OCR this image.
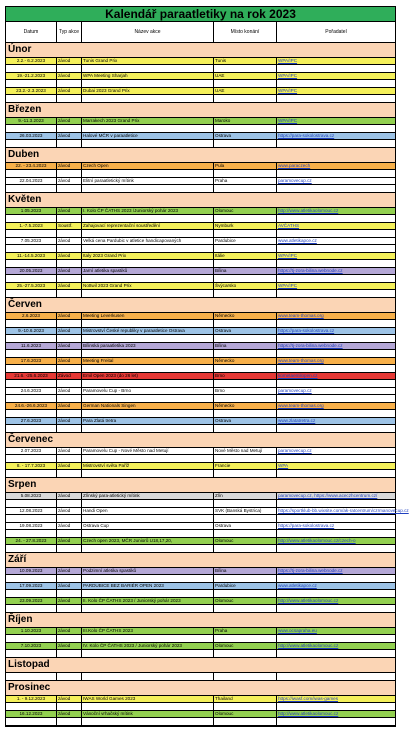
Kalendář paraatletiky na rok 2023
Datum	Typ akce	Název akce	Místo konání	Pořadatel
Únor
2.2.- 6.2.2023	závod	Tunis Grand Prix	Tunis	WPA/IPC
19.-21.2.2023	závod	WPA Meeting Sharjah	UAE	WPA/IPC
23.2.-2.3.2023	závod	Dubai 2023 Grand Prix	UAE	WPA/IPC
Březen
9.-11.3.2023	závod	Marrakech 2023 Grand Prix	Maroko	WPA/IPC
26.03.2023	závod	Halové MČR v paraatletice	Ostrava	https://para-sokolostrava.cz
Duben
22. - 23.4.2023	závod	Czech Open	Pula	www.paraczech
22.04.2023	závod	Elitní paraatletický mítink	Praha	paramovecup.cz
Květen
1.05.2023	závod	I. Kolo ČP ČATHS 2023 /Juniorský pohár 2023	Olomouc	http://www.atletikaolomouc.cz
1.-7.5.2023	Soustř.	Zahajovací reprezentační soustředění	Nymburk	AVČATHS
7.05.2023	závod	Velká cena Pardubic v atletice handicapovaných	Pardubice	www.atletikapce.cz
11.-14.5.2023	závod	Italy 2023 Grand Prix	Itálie	WPA/IPC
20.05.2023	závod	Jarní atletika spastiků	Bílina	https://tj-zora-bilina.webnode.cz
25.-27.5.2023	závod	Nottwil 2023 Grand Prix	Švýcarsko	WPA/IPC
Červen
2.6.2023	závod	Meeting Leverkusen	Německo	www.team-thomas.org
9.-10.6.2023	závod	Mistrovství České republiky v paraatletice Ostrava	Ostrava	https://para-sokolostrava.cz
11.6.2023	závod	Bílinská paraatletika 2023	Bílina	https://tj-zora-bilina.webnode.cz
17.6.2023	závod	Meeting Freital	Německo	www.team-thomas.org
21.6. -25.6.2023	Závod	Emil Open 2023 (do 26 let)	Brno	kometaemilopen.cz
24.6.2023	závod	Paramovelu Cup - Brno	Brno	paramovecup.cz
24.6.-26.6.2023	závod	German Nationals Singen	Německo	www.team-thomas.org
27.6.2023	závod	Para Zlatá tretra	Ostrava	www.zlatatretra.cz
Červenec
2.07.2023	závod	Paramovelu Cup - Nové Město nad Metují	Nové Město nad Metují	paramovecup.cz
8. - 17.7.2023	závod	Mistrovství světa Paříž	Francie	WPA
Srpen
5.08.2023	závod	Zlínský para-atletický mítink	Zlín	paramovecup.cz, https://www.aceczhcentrum.cz/
12.08.2023	závod	Handi Open	SVK (Banská Bystrica)	https://sportklub-bb.wixsite.com/ak-ratcentrum/czrmanovecup.cz
19.08.2023	závod	Ostrava Cup	Ostrava	https://para-sokolostrava.cz
24. - 27.8.2023	závod	Czech open 2023, MČR Juniorů U18,17,20,	Olomouc	http://www.atletikaolomouc.cz/czech-o
Září
10.09.2023	závod	Podzimní atletika spastiků	Bílina	https://tj-zora-bilina.webnode.cz
17.09.2023	závod	PARDUBICE BEZ BARIÉR OPEN 2023	Pardubice	www.atletikapce.cz
23.09.2023	závod	II. Kolo ČP ČATHS 2023 / Juniorský pohár 2023	Olomouc	http://www.atletikaolomouc.cz
Říjen
1.10.2023	závod	III.Kolo ČP ČATHS 2023	Praha	www.ocsapraha.eu
7.10.2023	závod	IV. Kolo ČP ČATHS 2023 / Juniorský pohár 2023	Olomouc	http://www.atletikaolomouc.cz
Listopad
Prosinec
1. - 9.12.2023	závod	IWAS World Games 2023	Thailand	https://iwasf.com/iwas-games
16.12.2023	závod	Vánoční vrhačský mítink	Olomouc	http://www.atletikaolomouc.cz
